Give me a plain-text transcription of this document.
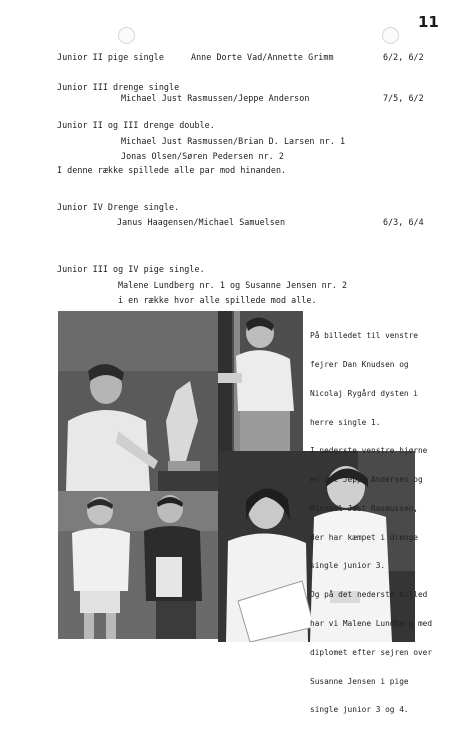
11
Junior II pige single	Anne Dorte Vad/Annette Grimm	6/2, 6/2
Junior III drenge single
Michael Just Rasmussen/Jeppe Anderson	7/5, 6/2
Junior II og III drenge double.
Michael Just Rasmussen/Brian D. Larsen nr. 1
Jonas Olsen/Søren Pedersen nr. 2
I denne række spillede alle par mod hinanden.
Junior IV Drenge single.
Janus Haagensen/Michael Samuelsen	6/3, 6/4
Junior III og IV pige single.
Malene Lundberg nr. 1 og Susanne Jensen nr. 2
i en række hvor alle spillede mod alle.

På billedet til venstre

fejrer Dan Knudsen og

Nicolaj Rygård dysten i

herre single 1.

I nederste venstre hjørne

er det Jeppe Andersen og

Michael Just Rasmussen,

der har kæmpet i drenge

single junior 3.

Og på det nederste billed

har vi Malene Lundberg med

diplomet efter sejren over

Susanne Jensen i pige

single junior 3 og 4.
